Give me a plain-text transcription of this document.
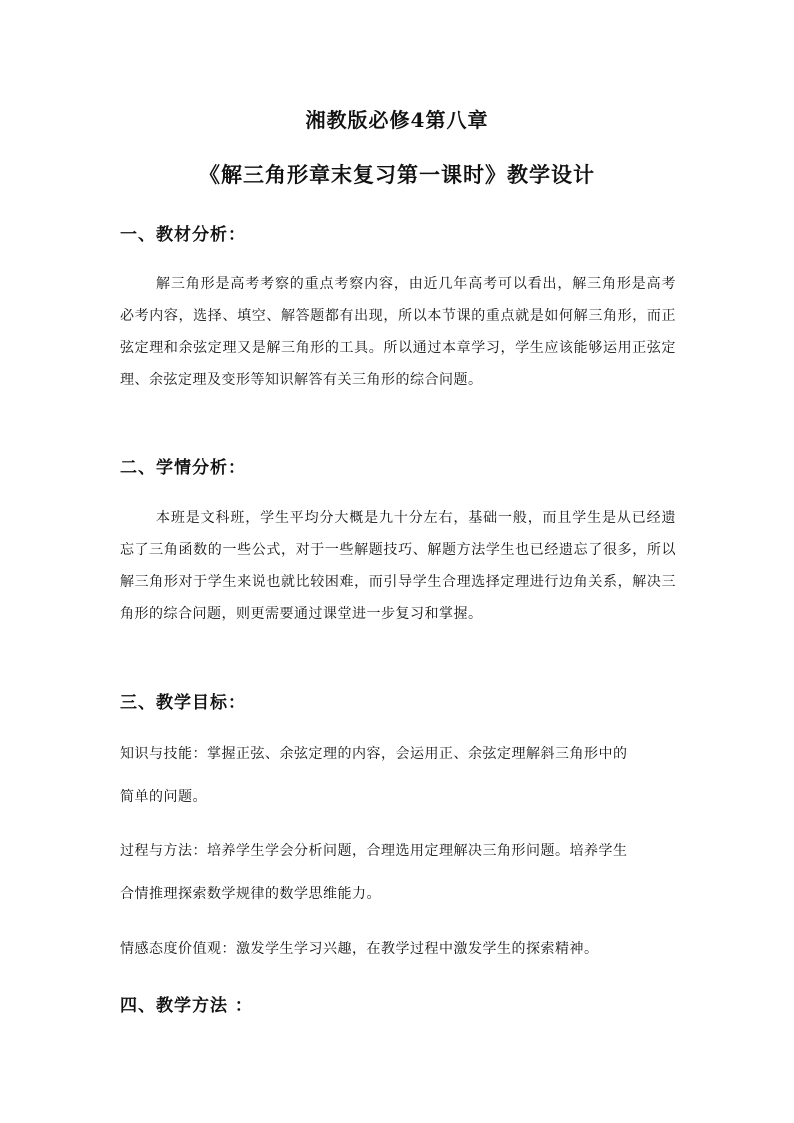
湘教版必修4第八章
《解三角形章末复习第一课时》教学设计
一、教材分析：
解三角形是高考考察的重点考察内容，由近几年高考可以看出，解三角形是高考必考内容，选择、填空、解答题都有出现，所以本节课的重点就是如何解三角形，而正弦定理和余弦定理又是解三角形的工具。所以通过本章学习，学生应该能够运用正弦定理、余弦定理及变形等知识解答有关三角形的综合问题。
二、学情分析：
本班是文科班，学生平均分大概是九十分左右，基础一般，而且学生是从已经遗忘了三角函数的一些公式，对于一些解题技巧、解题方法学生也已经遗忘了很多，所以解三角形对于学生来说也就比较困难，而引导学生合理选择定理进行边角关系，解决三角形的综合问题，则更需要通过课堂进一步复习和掌握。
三、教学目标：
知识与技能：掌握正弦、余弦定理的内容，会运用正、余弦定理解斜三角形中的
简单的问题。
过程与方法：培养学生学会分析问题，合理选用定理解决三角形问题。培养学生
合情推理探索数学规律的数学思维能力。
情感态度价值观：激发学生学习兴趣，在教学过程中激发学生的探索精神。
四、教学方法 ：
